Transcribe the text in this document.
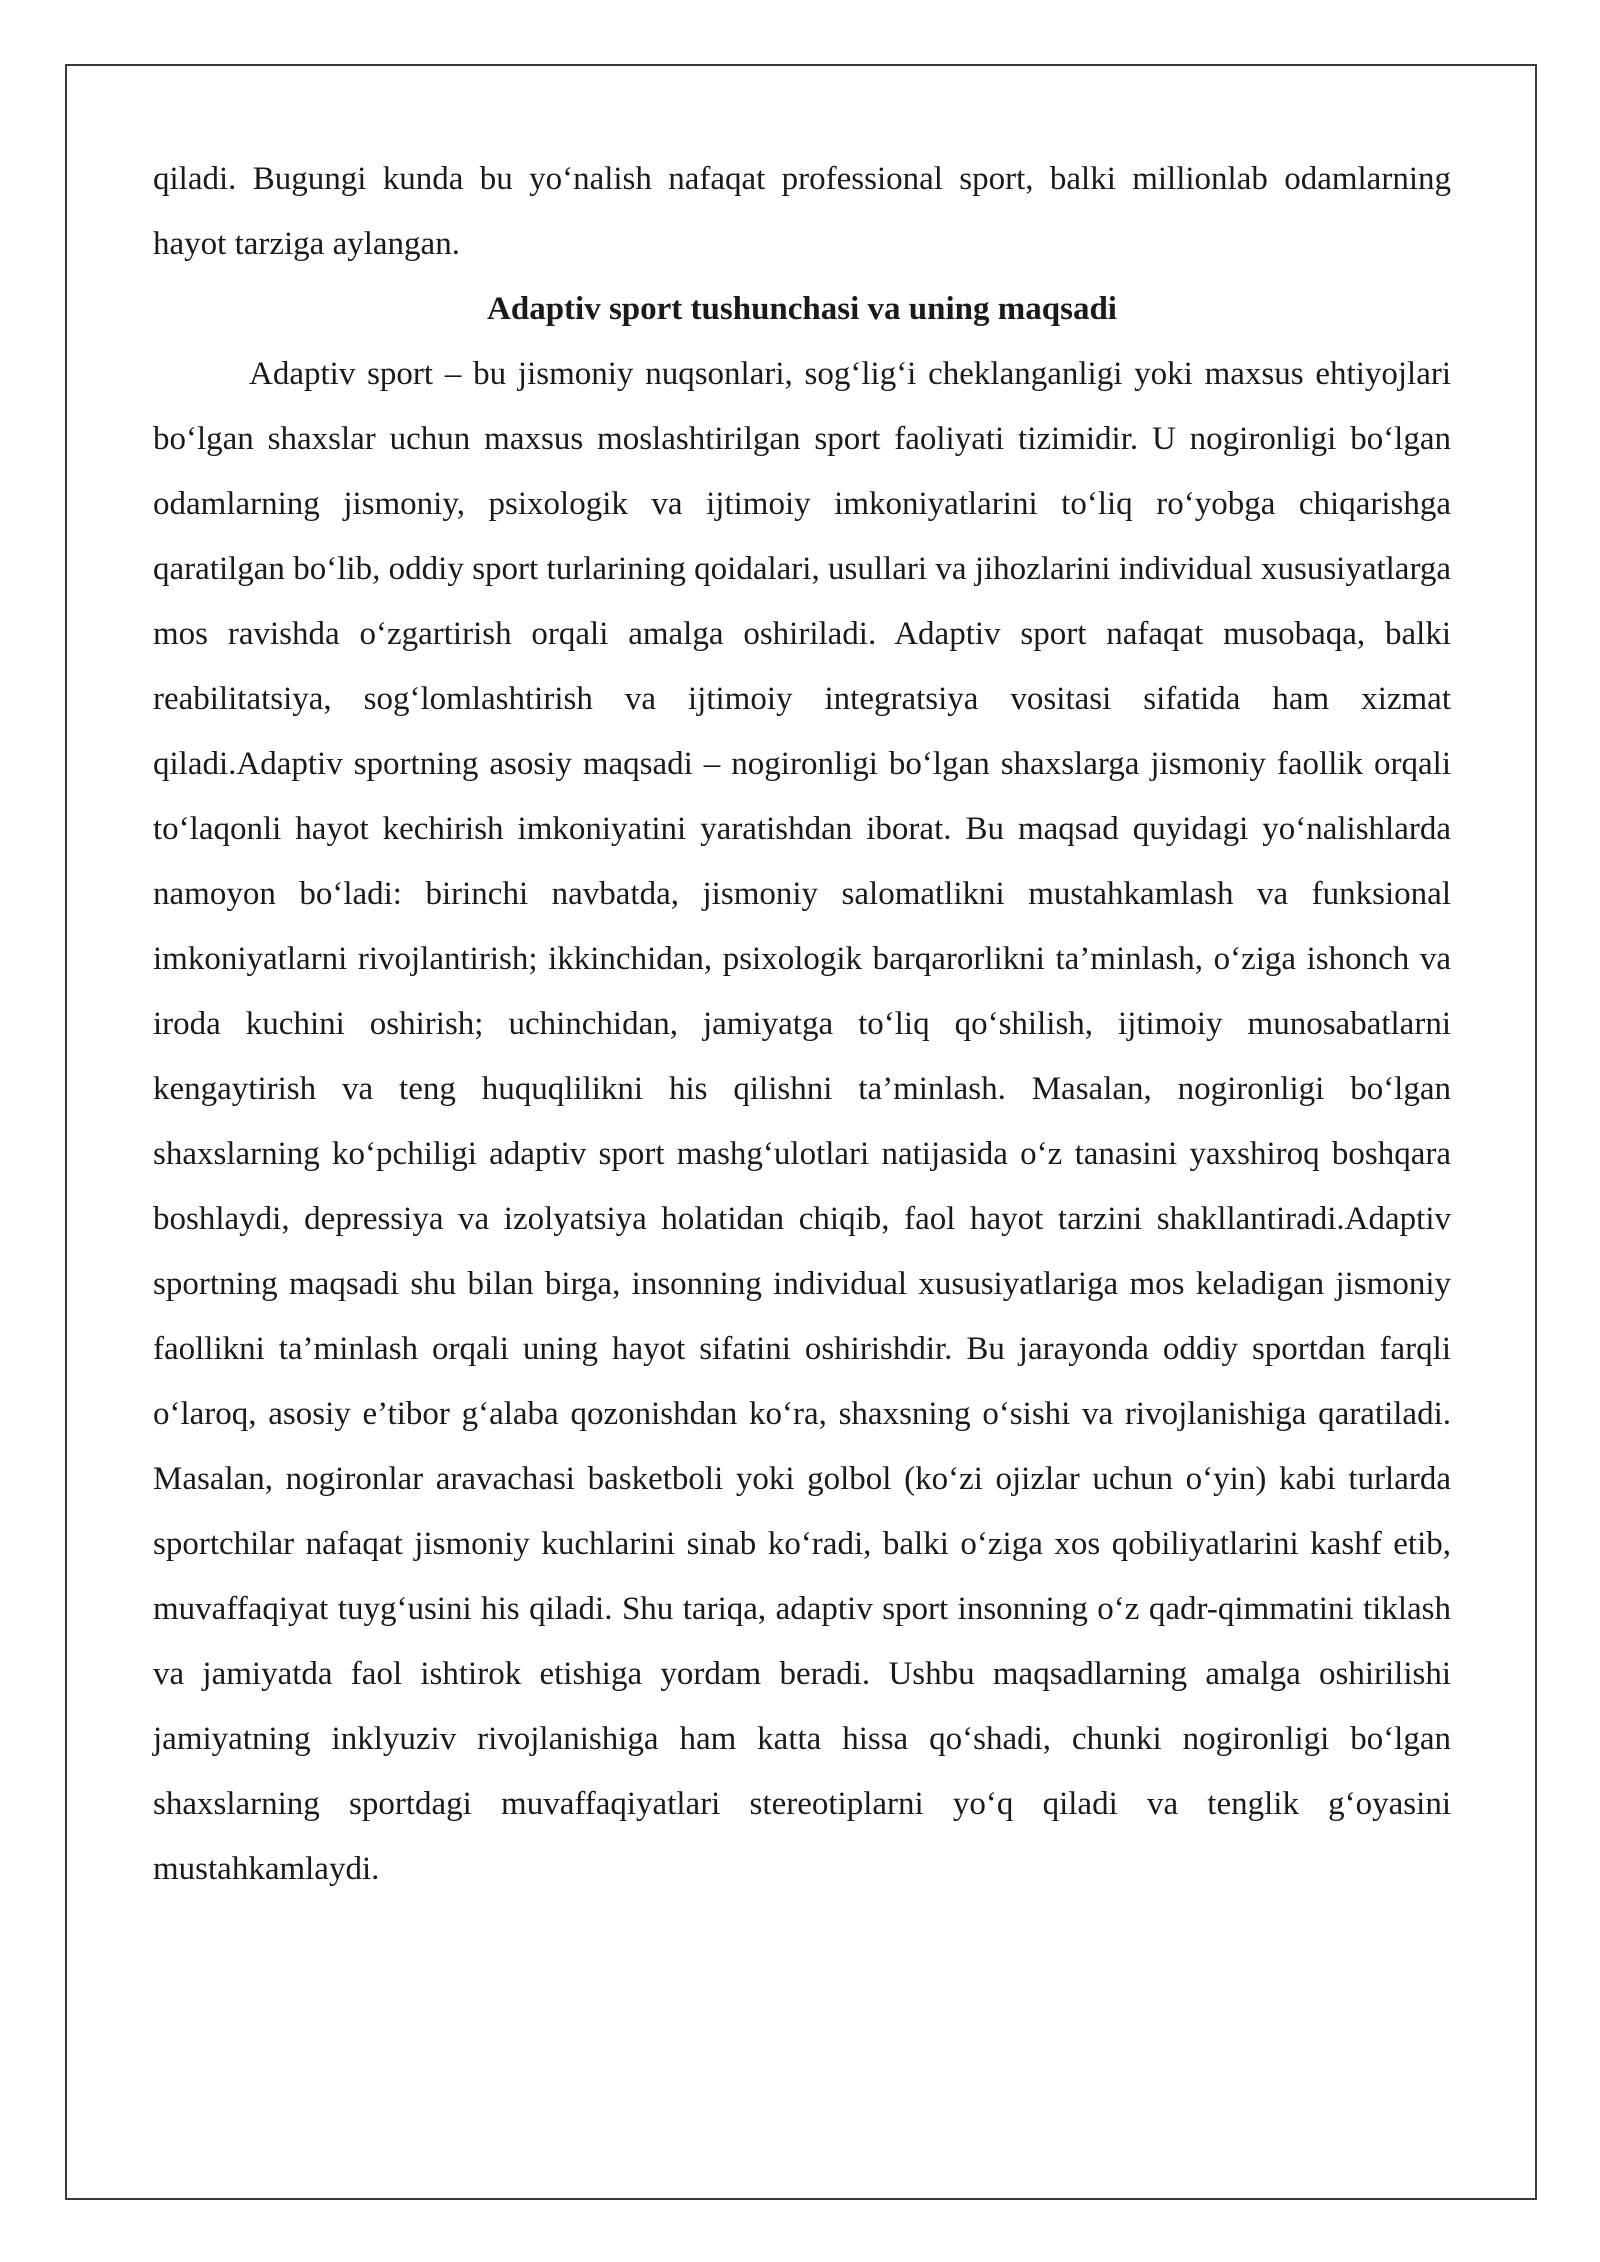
qiladi. Bugungi kunda bu yo‘nalish nafaqat professional sport, balki millionlab odamlarning hayot tarziga aylangan.

Adaptiv sport tushunchasi va uning maqsadi

Adaptiv sport – bu jismoniy nuqsonlari, sog‘lig‘i cheklanganligi yoki maxsus ehtiyojlari bo‘lgan shaxslar uchun maxsus moslashtirilgan sport faoliyati tizimidir. U nogironligi bo‘lgan odamlarning jismoniy, psixologik va ijtimoiy imkoniyatlarini to‘liq ro‘yobga chiqarishga qaratilgan bo‘lib, oddiy sport turlarining qoidalari, usullari va jihozlarini individual xususiyatlarga mos ravishda o‘zgartirish orqali amalga oshiriladi. Adaptiv sport nafaqat musobaqa, balki reabilitatsiya, sog‘lomlashtirish va ijtimoiy integratsiya vositasi sifatida ham xizmat qiladi.Adaptiv sportning asosiy maqsadi – nogironligi bo‘lgan shaxslarga jismoniy faollik orqali to‘laqonli hayot kechirish imkoniyatini yaratishdan iborat. Bu maqsad quyidagi yo‘nalishlarda namoyon bo‘ladi: birinchi navbatda, jismoniy salomatlikni mustahkamlash va funksional imkoniyatlarni rivojlantirish; ikkinchidan, psixologik barqarorlikni ta’minlash, o‘ziga ishonch va iroda kuchini oshirish; uchinchidan, jamiyatga to‘liq qo‘shilish, ijtimoiy munosabatlarni kengaytirish va teng huquqlilikni his qilishni ta’minlash. Masalan, nogironligi bo‘lgan shaxslarning ko‘pchiligi adaptiv sport mashg‘ulotlari natijasida o‘z tanasini yaxshiroq boshqara boshlaydi, depressiya va izolyatsiya holatidan chiqib, faol hayot tarzini shakllantiradi.Adaptiv sportning maqsadi shu bilan birga, insonning individual xususiyatlariga mos keladigan jismoniy faollikni ta’minlash orqali uning hayot sifatini oshirishdir. Bu jarayonda oddiy sportdan farqli o‘laroq, asosiy e’tibor g‘alaba qozonishdan ko‘ra, shaxsning o‘sishi va rivojlanishiga qaratiladi. Masalan, nogironlar aravachasi basketboli yoki golbol (ko‘zi ojizlar uchun o‘yin) kabi turlarda sportchilar nafaqat jismoniy kuchlarini sinab ko‘radi, balki o‘ziga xos qobiliyatlarini kashf etib, muvaffaqiyat tuyg‘usini his qiladi. Shu tariqa, adaptiv sport insonning o‘z qadr-qimmatini tiklash va jamiyatda faol ishtirok etishiga yordam beradi. Ushbu maqsadlarning amalga oshirilishi jamiyatning inklyuziv rivojlanishiga ham katta hissa qo‘shadi, chunki nogironligi bo‘lgan shaxslarning sportdagi muvaffaqiyatlari stereotiplarni yo‘q qiladi va tenglik g‘oyasini mustahkamlaydi.
